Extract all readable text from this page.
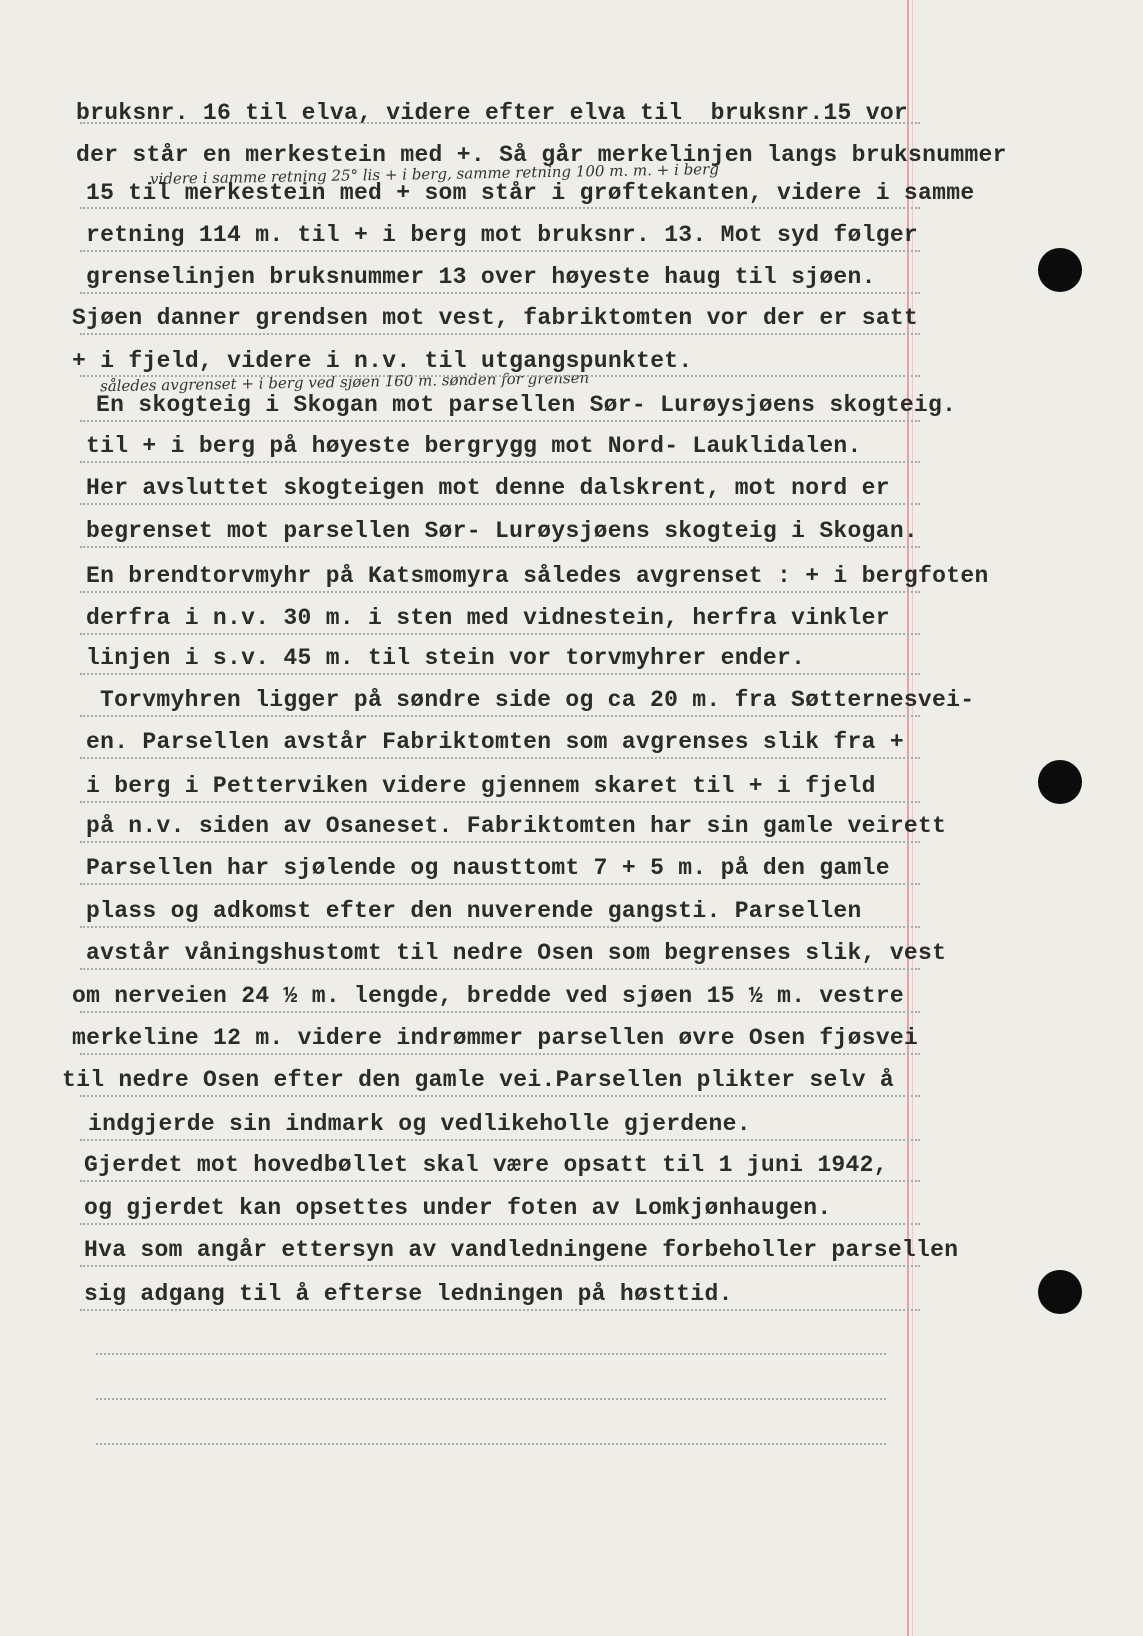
bruksnr. 16 til elva, videre efter elva til  bruksnr.15 vor
der står en merkestein med +. Så går merkelinjen langs bruksnummer
videre i samme retning 25° lis + i berg, samme retning 100 m. m. + i berg
15 til merkestein med + som står i grøftekanten, videre i samme
retning 114 m. til + i berg mot bruksnr. 13. Mot syd følger
grenselinjen bruksnummer 13 over høyeste haug til sjøen.
Sjøen danner grendsen mot vest, fabriktomten vor der er satt
+ i fjeld, videre i n.v. til utgangspunktet.
således avgrenset + i berg ved sjøen 160 m. sønden for grensen
En skogteig i Skogan mot parsellen Sør- Lurøysjøens skogteig.
til + i berg på høyeste bergrygg mot Nord- Lauklidalen.
Her avsluttet skogteigen mot denne dalskrent, mot nord er
begrenset mot parsellen Sør- Lurøysjøens skogteig i Skogan.
En brendtorvmyhr på Katsmomyra således avgrenset : + i bergfoten
derfra i n.v. 30 m. i sten med vidnestein, herfra vinkler
linjen i s.v. 45 m. til stein vor torvmyhrer ender.
Torvmyhren ligger på søndre side og ca 20 m. fra Søtternesvei-
en. Parsellen avstår Fabriktomten som avgrenses slik fra +
i berg i Petterviken videre gjennem skaret til + i fjeld
på n.v. siden av Osaneset. Fabriktomten har sin gamle veirett
Parsellen har sjølende og nausttomt 7 + 5 m. på den gamle
plass og adkomst efter den nuverende gangsti. Parsellen
avstår våningshustomt til nedre Osen som begrenses slik, vest
om nerveien 24 ½ m. lengde, bredde ved sjøen 15 ½ m. vestre
merkeline 12 m. videre indrømmer parsellen øvre Osen fjøsvei
til nedre Osen efter den gamle vei.Parsellen plikter selv å
indgjerde sin indmark og vedlikeholle gjerdene.
Gjerdet mot hovedbøllet skal være opsatt til 1 juni 1942,
og gjerdet kan opsettes under foten av Lomkjønhaugen.
Hva som angår ettersyn av vandledningene forbeholler parsellen
sig adgang til å efterse ledningen på høsttid.
